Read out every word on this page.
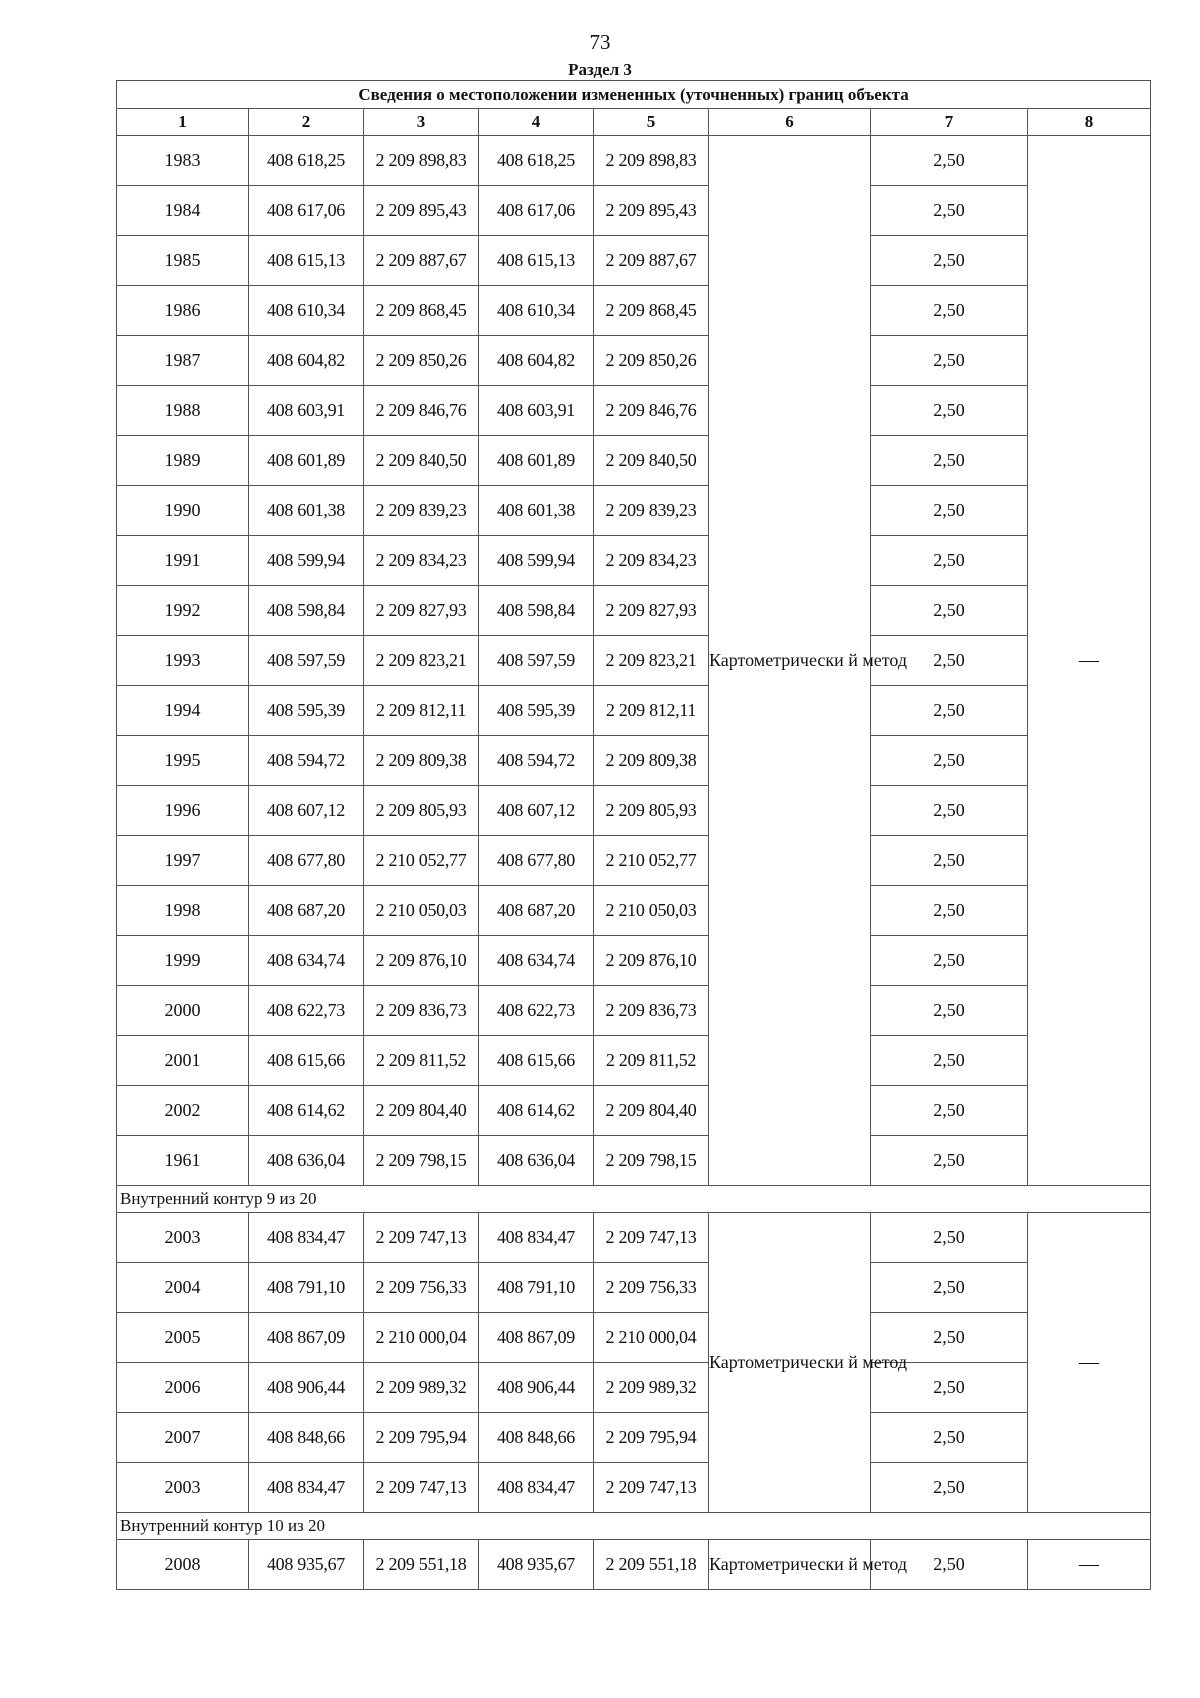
73
Раздел 3
Сведения о местоположении измененных (уточненных) границ объекта							
1	2	3	4	5	6	7	8
1983	408 618,25	2 209 898,83	408 618,25	2 209 898,83	Картометрически й метод	2,50	—
1984	408 617,06	2 209 895,43	408 617,06	2 209 895,43		2,50	
1985	408 615,13	2 209 887,67	408 615,13	2 209 887,67		2,50	
1986	408 610,34	2 209 868,45	408 610,34	2 209 868,45		2,50	
1987	408 604,82	2 209 850,26	408 604,82	2 209 850,26		2,50	
1988	408 603,91	2 209 846,76	408 603,91	2 209 846,76		2,50	
1989	408 601,89	2 209 840,50	408 601,89	2 209 840,50		2,50	
1990	408 601,38	2 209 839,23	408 601,38	2 209 839,23		2,50	
1991	408 599,94	2 209 834,23	408 599,94	2 209 834,23		2,50	
1992	408 598,84	2 209 827,93	408 598,84	2 209 827,93		2,50	
1993	408 597,59	2 209 823,21	408 597,59	2 209 823,21		2,50	
1994	408 595,39	2 209 812,11	408 595,39	2 209 812,11		2,50	
1995	408 594,72	2 209 809,38	408 594,72	2 209 809,38		2,50	
1996	408 607,12	2 209 805,93	408 607,12	2 209 805,93		2,50	
1997	408 677,80	2 210 052,77	408 677,80	2 210 052,77		2,50	
1998	408 687,20	2 210 050,03	408 687,20	2 210 050,03		2,50	
1999	408 634,74	2 209 876,10	408 634,74	2 209 876,10		2,50	
2000	408 622,73	2 209 836,73	408 622,73	2 209 836,73		2,50	
2001	408 615,66	2 209 811,52	408 615,66	2 209 811,52		2,50	
2002	408 614,62	2 209 804,40	408 614,62	2 209 804,40		2,50	
1961	408 636,04	2 209 798,15	408 636,04	2 209 798,15		2,50	
Внутренний контур 9 из 20							
2003	408 834,47	2 209 747,13	408 834,47	2 209 747,13	Картометрически й метод	2,50	—
2004	408 791,10	2 209 756,33	408 791,10	2 209 756,33		2,50	
2005	408 867,09	2 210 000,04	408 867,09	2 210 000,04		2,50	
2006	408 906,44	2 209 989,32	408 906,44	2 209 989,32		2,50	
2007	408 848,66	2 209 795,94	408 848,66	2 209 795,94		2,50	
2003	408 834,47	2 209 747,13	408 834,47	2 209 747,13		2,50	
Внутренний контур 10 из 20							
2008	408 935,67	2 209 551,18	408 935,67	2 209 551,18	Картометрически й метод	2,50	—
